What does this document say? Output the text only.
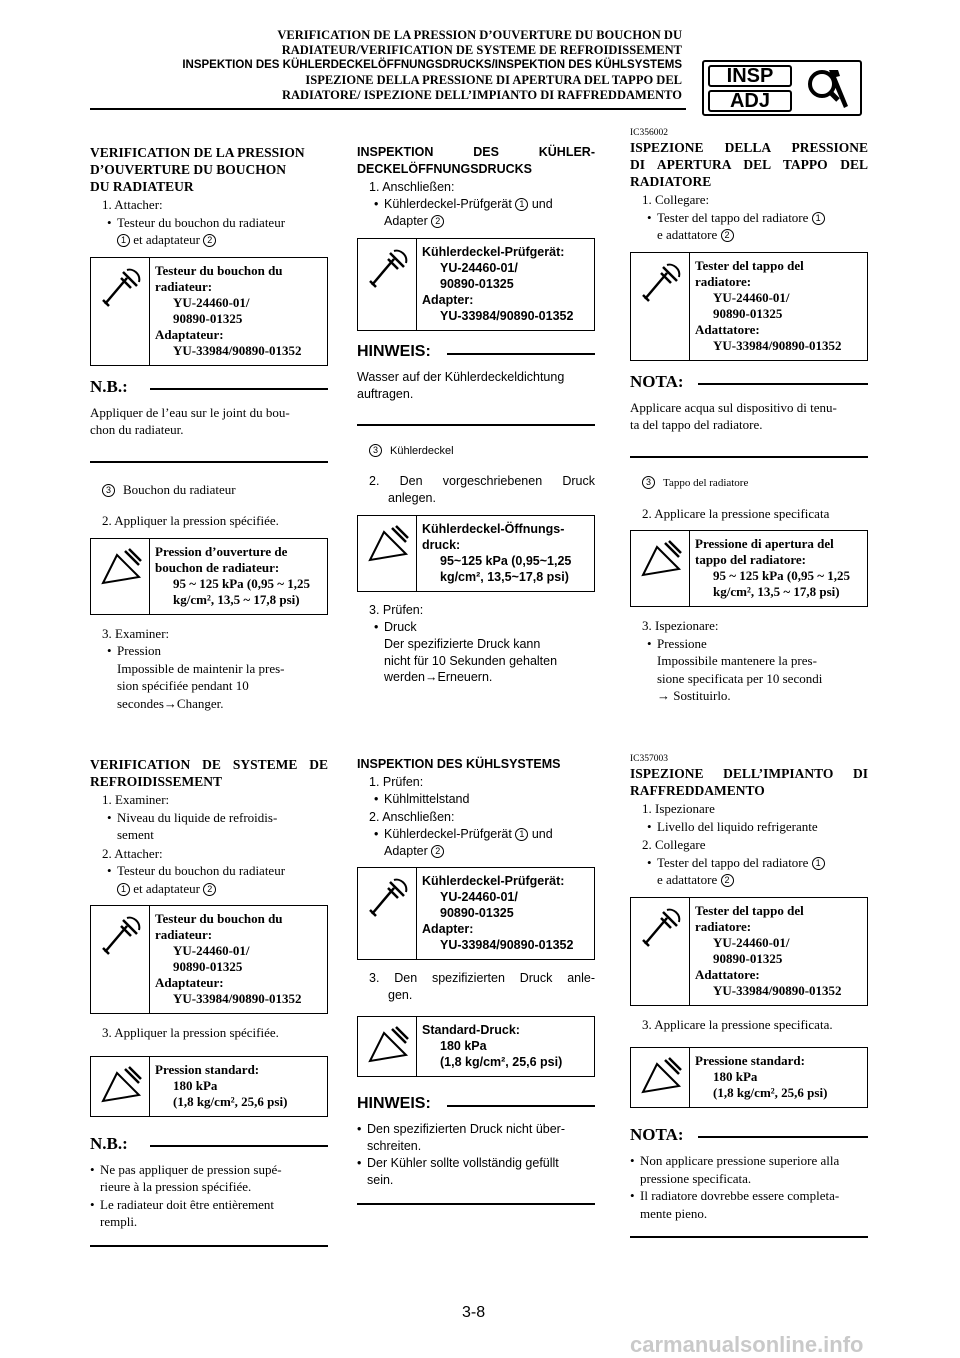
VERIFICATION DE LA PRESSION D’OUVERTURE DU BOUCHON DU
RADIATEUR/VERIFICATION DE SYSTEME DE REFROIDISSEMENT
INSPEKTION DES KÜHLERDECKELÖFFNUNGSDRUCKS/INSPEKTION DES KÜHLSYSTEMS
ISPEZIONE DELLA PRESSIONE DI APERTURA DEL TAPPO DEL
RADIATORE/ ISPEZIONE DELL’IMPIANTO DI RAFFREDDAMENTO
INSP
ADJ
VERIFICATION DE LA PRESSION
D’OUVERTURE DU BOUCHON
DU RADIATEUR
1. Attacher:
• Testeur du bouchon du radiateur
1 et adaptateur 2
Testeur du bouchon du
radiateur:
YU-24460-01/
90890-01325
Adaptateur:
YU-33984/90890-01352
N.B.:
Appliquer de l’eau sur le joint du bou-
chon du radiateur.
3 Bouchon du radiateur
2. Appliquer la pression spécifiée.
Pression d’ouverture de
bouchon de radiateur:
95 ~ 125 kPa (0,95 ~ 1,25
kg/cm², 13,5 ~ 17,8 psi)
3. Examiner:
• Pression
Impossible de maintenir la pres-
sion spécifiée pendant 10
secondes→Changer.
INSPEKTION DES KÜHLER-
DECKELÖFFNUNGSDRUCKS
1. Anschließen:
• Kühlerdeckel-Prüfgerät 1 und
Adapter 2
Kühlerdeckel-Prüfgerät:
YU-24460-01/
90890-01325
Adapter:
YU-33984/90890-01352
HINWEIS:
Wasser auf der Kühlerdeckeldichtung
auftragen.
3 Kühlerdeckel
2. Den vorgeschriebenen Druck
anlegen.
Kühlerdeckel-Öffnungs-
druck:
95~125 kPa (0,95~1,25
kg/cm², 13,5~17,8 psi)
3. Prüfen:
• Druck
Der spezifizierte Druck kann
nicht für 10 Sekunden gehalten
werden→Erneuern.
IC356002
ISPEZIONE DELLA PRESSIONE
DI APERTURA DEL TAPPO DEL
RADIATORE
1. Collegare:
• Tester del tappo del radiatore 1
e adattatore 2
Tester del tappo del
radiatore:
YU-24460-01/
90890-01325
Adattatore:
YU-33984/90890-01352
NOTA:
Applicare acqua sul dispositivo di tenu-
ta del tappo del radiatore.
3 Tappo del radiatore
2. Applicare la pressione specificata
Pressione di apertura del
tappo del radiatore:
95 ~ 125 kPa (0,95 ~ 1,25
kg/cm², 13,5 ~ 17,8 psi)
3. Ispezionare:
• Pressione
Impossibile mantenere la pres-
sione specificata per 10 secondi
→ Sostituirlo.
VERIFICATION DE SYSTEME DE
REFROIDISSEMENT
1. Examiner:
• Niveau du liquide de refroidis-
sement
2. Attacher:
• Testeur du bouchon du radiateur
1 et adaptateur 2
Testeur du bouchon du
radiateur:
YU-24460-01/
90890-01325
Adaptateur:
YU-33984/90890-01352
3. Appliquer la pression spécifiée.
Pression standard:
180 kPa
(1,8 kg/cm², 25,6 psi)
N.B.:
• Ne pas appliquer de pression supé-
rieure à la pression spécifiée.
• Le radiateur doit être entièrement
rempli.
INSPEKTION DES KÜHLSYSTEMS
1. Prüfen:
• Kühlmittelstand
2. Anschließen:
• Kühlerdeckel-Prüfgerät 1 und
Adapter 2
Kühlerdeckel-Prüfgerät:
YU-24460-01/
90890-01325
Adapter:
YU-33984/90890-01352
3. Den spezifizierten Druck anle-
gen.
Standard-Druck:
180 kPa
(1,8 kg/cm², 25,6 psi)
HINWEIS:
• Den spezifizierten Druck nicht über-
schreiten.
• Der Kühler sollte vollständig gefüllt
sein.
IC357003
ISPEZIONE DELL’IMPIANTO DI
RAFFREDDAMENTO
1. Ispezionare
• Livello del liquido refrigerante
2. Collegare
• Tester del tappo del radiatore 1
e adattatore 2
Tester del tappo del
radiatore:
YU-24460-01/
90890-01325
Adattatore:
YU-33984/90890-01352
3. Applicare la pressione specificata.
Pressione standard:
180 kPa
(1,8 kg/cm², 25,6 psi)
NOTA:
• Non applicare pressione superiore alla
pressione specificata.
• Il radiatore dovrebbe essere completa-
mente pieno.
3-8
carmanualsonline.info
